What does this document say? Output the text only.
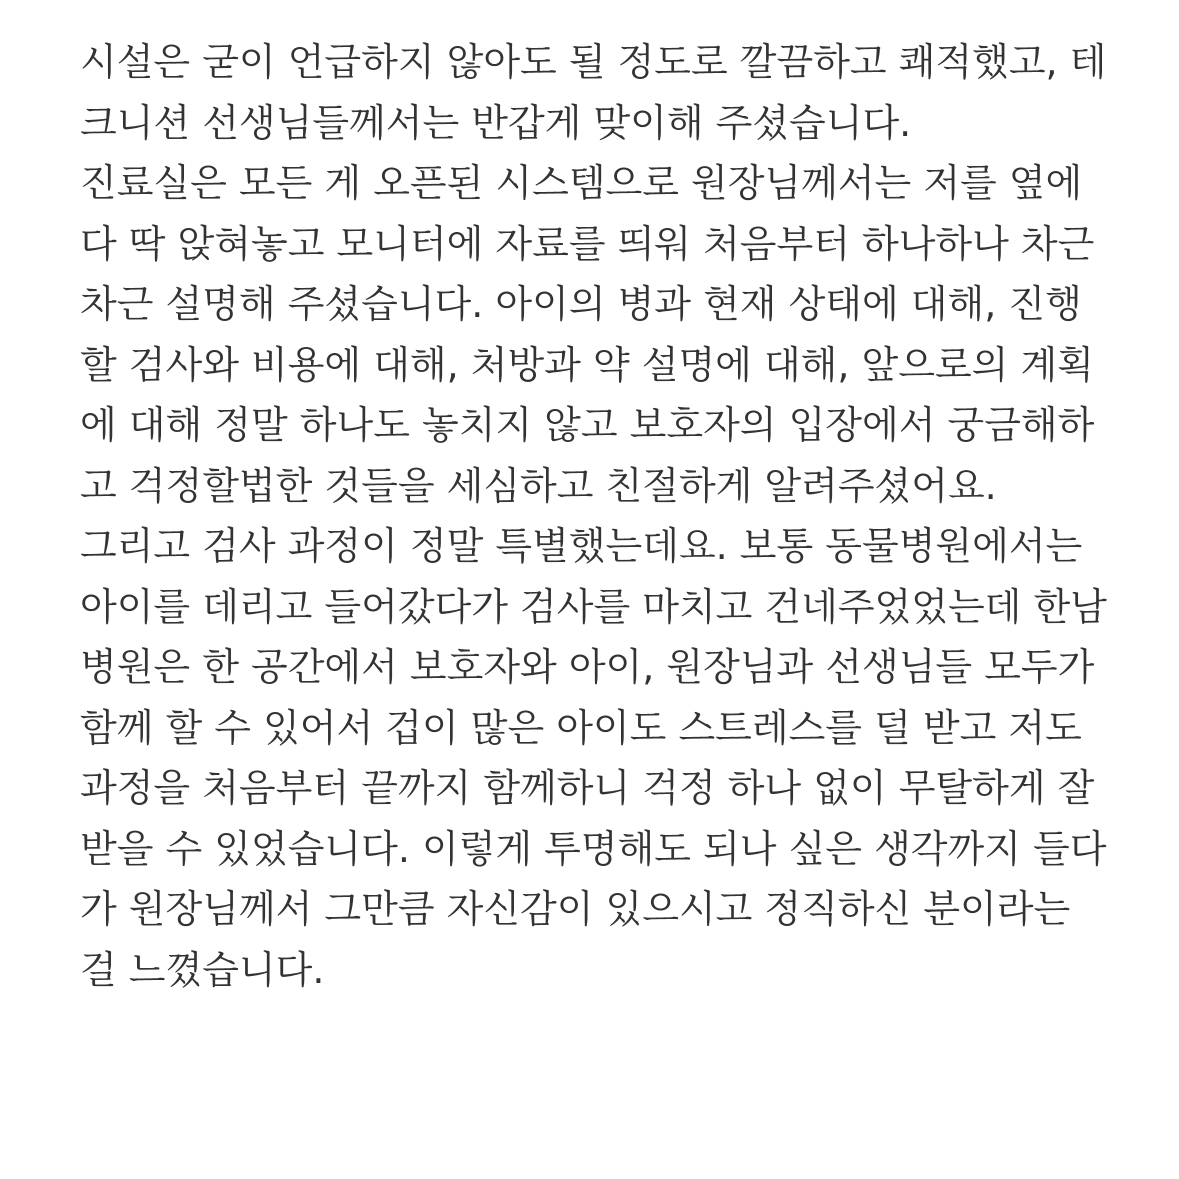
시설은 굳이 언급하지 않아도 될 정도로 깔끔하고 쾌적했고, 테
크니션 선생님들께서는 반갑게 맞이해 주셨습니다.
진료실은 모든 게 오픈된 시스템으로 원장님께서는 저를 옆에
다 딱 앉혀놓고 모니터에 자료를 띄워 처음부터 하나하나 차근
차근 설명해 주셨습니다. 아이의 병과 현재 상태에 대해, 진행
할 검사와 비용에 대해, 처방과 약 설명에 대해, 앞으로의 계획
에 대해 정말 하나도 놓치지 않고 보호자의 입장에서 궁금해하
고 걱정할법한 것들을 세심하고 친절하게 알려주셨어요.
그리고 검사 과정이 정말 특별했는데요. 보통 동물병원에서는
아이를 데리고 들어갔다가 검사를 마치고 건네주었었는데 한남
병원은 한 공간에서 보호자와 아이, 원장님과 선생님들 모두가
함께 할 수 있어서 겁이 많은 아이도 스트레스를 덜 받고 저도
과정을 처음부터 끝까지 함께하니 걱정 하나 없이 무탈하게 잘
받을 수 있었습니다. 이렇게 투명해도 되나 싶은 생각까지 들다
가 원장님께서 그만큼 자신감이 있으시고 정직하신 분이라는
걸 느꼈습니다.
